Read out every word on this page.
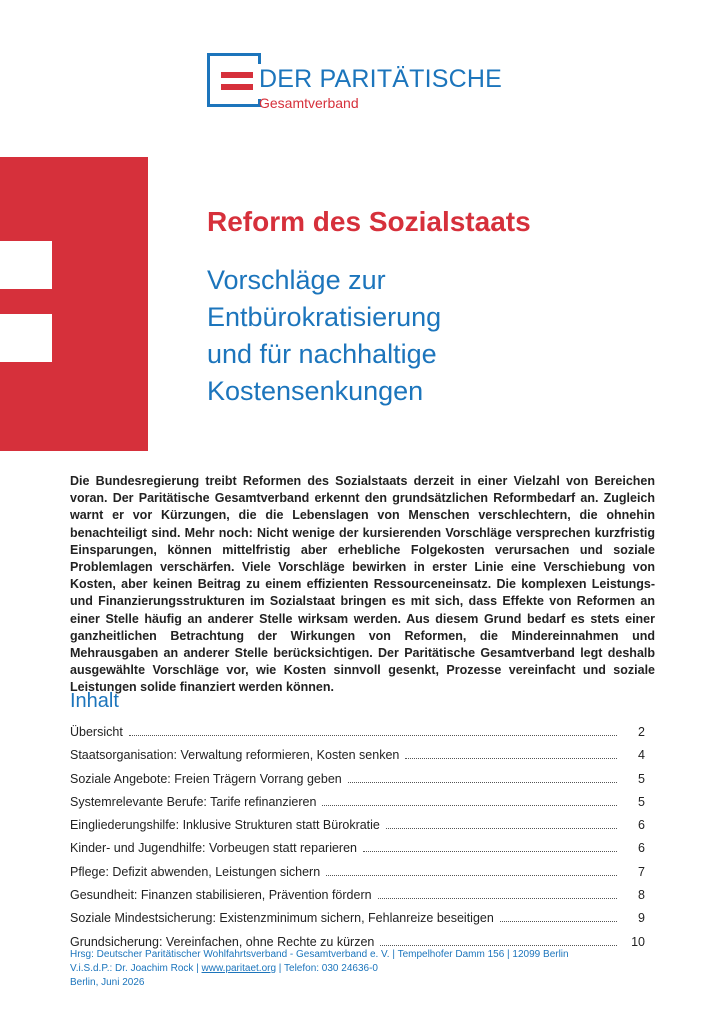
DER PARITÄTISCHE
Gesamtverband
Reform des Sozialstaats
Vorschläge zur
Entbürokratisierung
und für nachhaltige
Kostensenkungen
Die Bundesregierung treibt Reformen des Sozialstaats derzeit in einer Vielzahl von Bereichen voran. Der Paritätische Gesamtverband erkennt den grundsätzlichen Reformbedarf an. Zugleich warnt er vor Kürzungen, die die Lebenslagen von Menschen verschlechtern, die ohnehin benachteiligt sind. Mehr noch: Nicht wenige der kursierenden Vorschläge versprechen kurzfristig Einsparungen, können mittelfristig aber erhebliche Folgekosten verursachen und soziale Problemlagen verschärfen. Viele Vorschläge bewirken in erster Linie eine Verschiebung von Kosten, aber keinen Beitrag zu einem effizienten Ressourceneinsatz. Die komplexen Leistungs- und Finanzierungsstrukturen im Sozialstaat bringen es mit sich, dass Effekte von Reformen an einer Stelle häufig an anderer Stelle wirksam werden. Aus diesem Grund bedarf es stets einer ganzheitlichen Betrachtung der Wirkungen von Reformen, die Mindereinnahmen und Mehrausgaben an anderer Stelle berücksichtigen. Der Paritätische Gesamtverband legt deshalb ausgewählte Vorschläge vor, wie Kosten sinnvoll gesenkt, Prozesse vereinfacht und soziale Leistungen solide finanziert werden können.
Inhalt
Übersicht	2
Staatsorganisation: Verwaltung reformieren, Kosten senken	4
Soziale Angebote: Freien Trägern Vorrang geben	5
Systemrelevante Berufe: Tarife refinanzieren	5
Eingliederungshilfe: Inklusive Strukturen statt Bürokratie	6
Kinder- und Jugendhilfe: Vorbeugen statt reparieren	6
Pflege: Defizit abwenden, Leistungen sichern	7
Gesundheit: Finanzen stabilisieren, Prävention fördern	8
Soziale Mindestsicherung: Existenzminimum sichern, Fehlanreize beseitigen	9
Grundsicherung: Vereinfachen, ohne Rechte zu kürzen	10
Hrsg: Deutscher Paritätischer Wohlfahrtsverband - Gesamtverband e. V. | Tempelhofer Damm 156 | 12099 Berlin
V.i.S.d.P.: Dr. Joachim Rock | www.paritaet.org | Telefon: 030 24636-0
Berlin, Juni 2026
